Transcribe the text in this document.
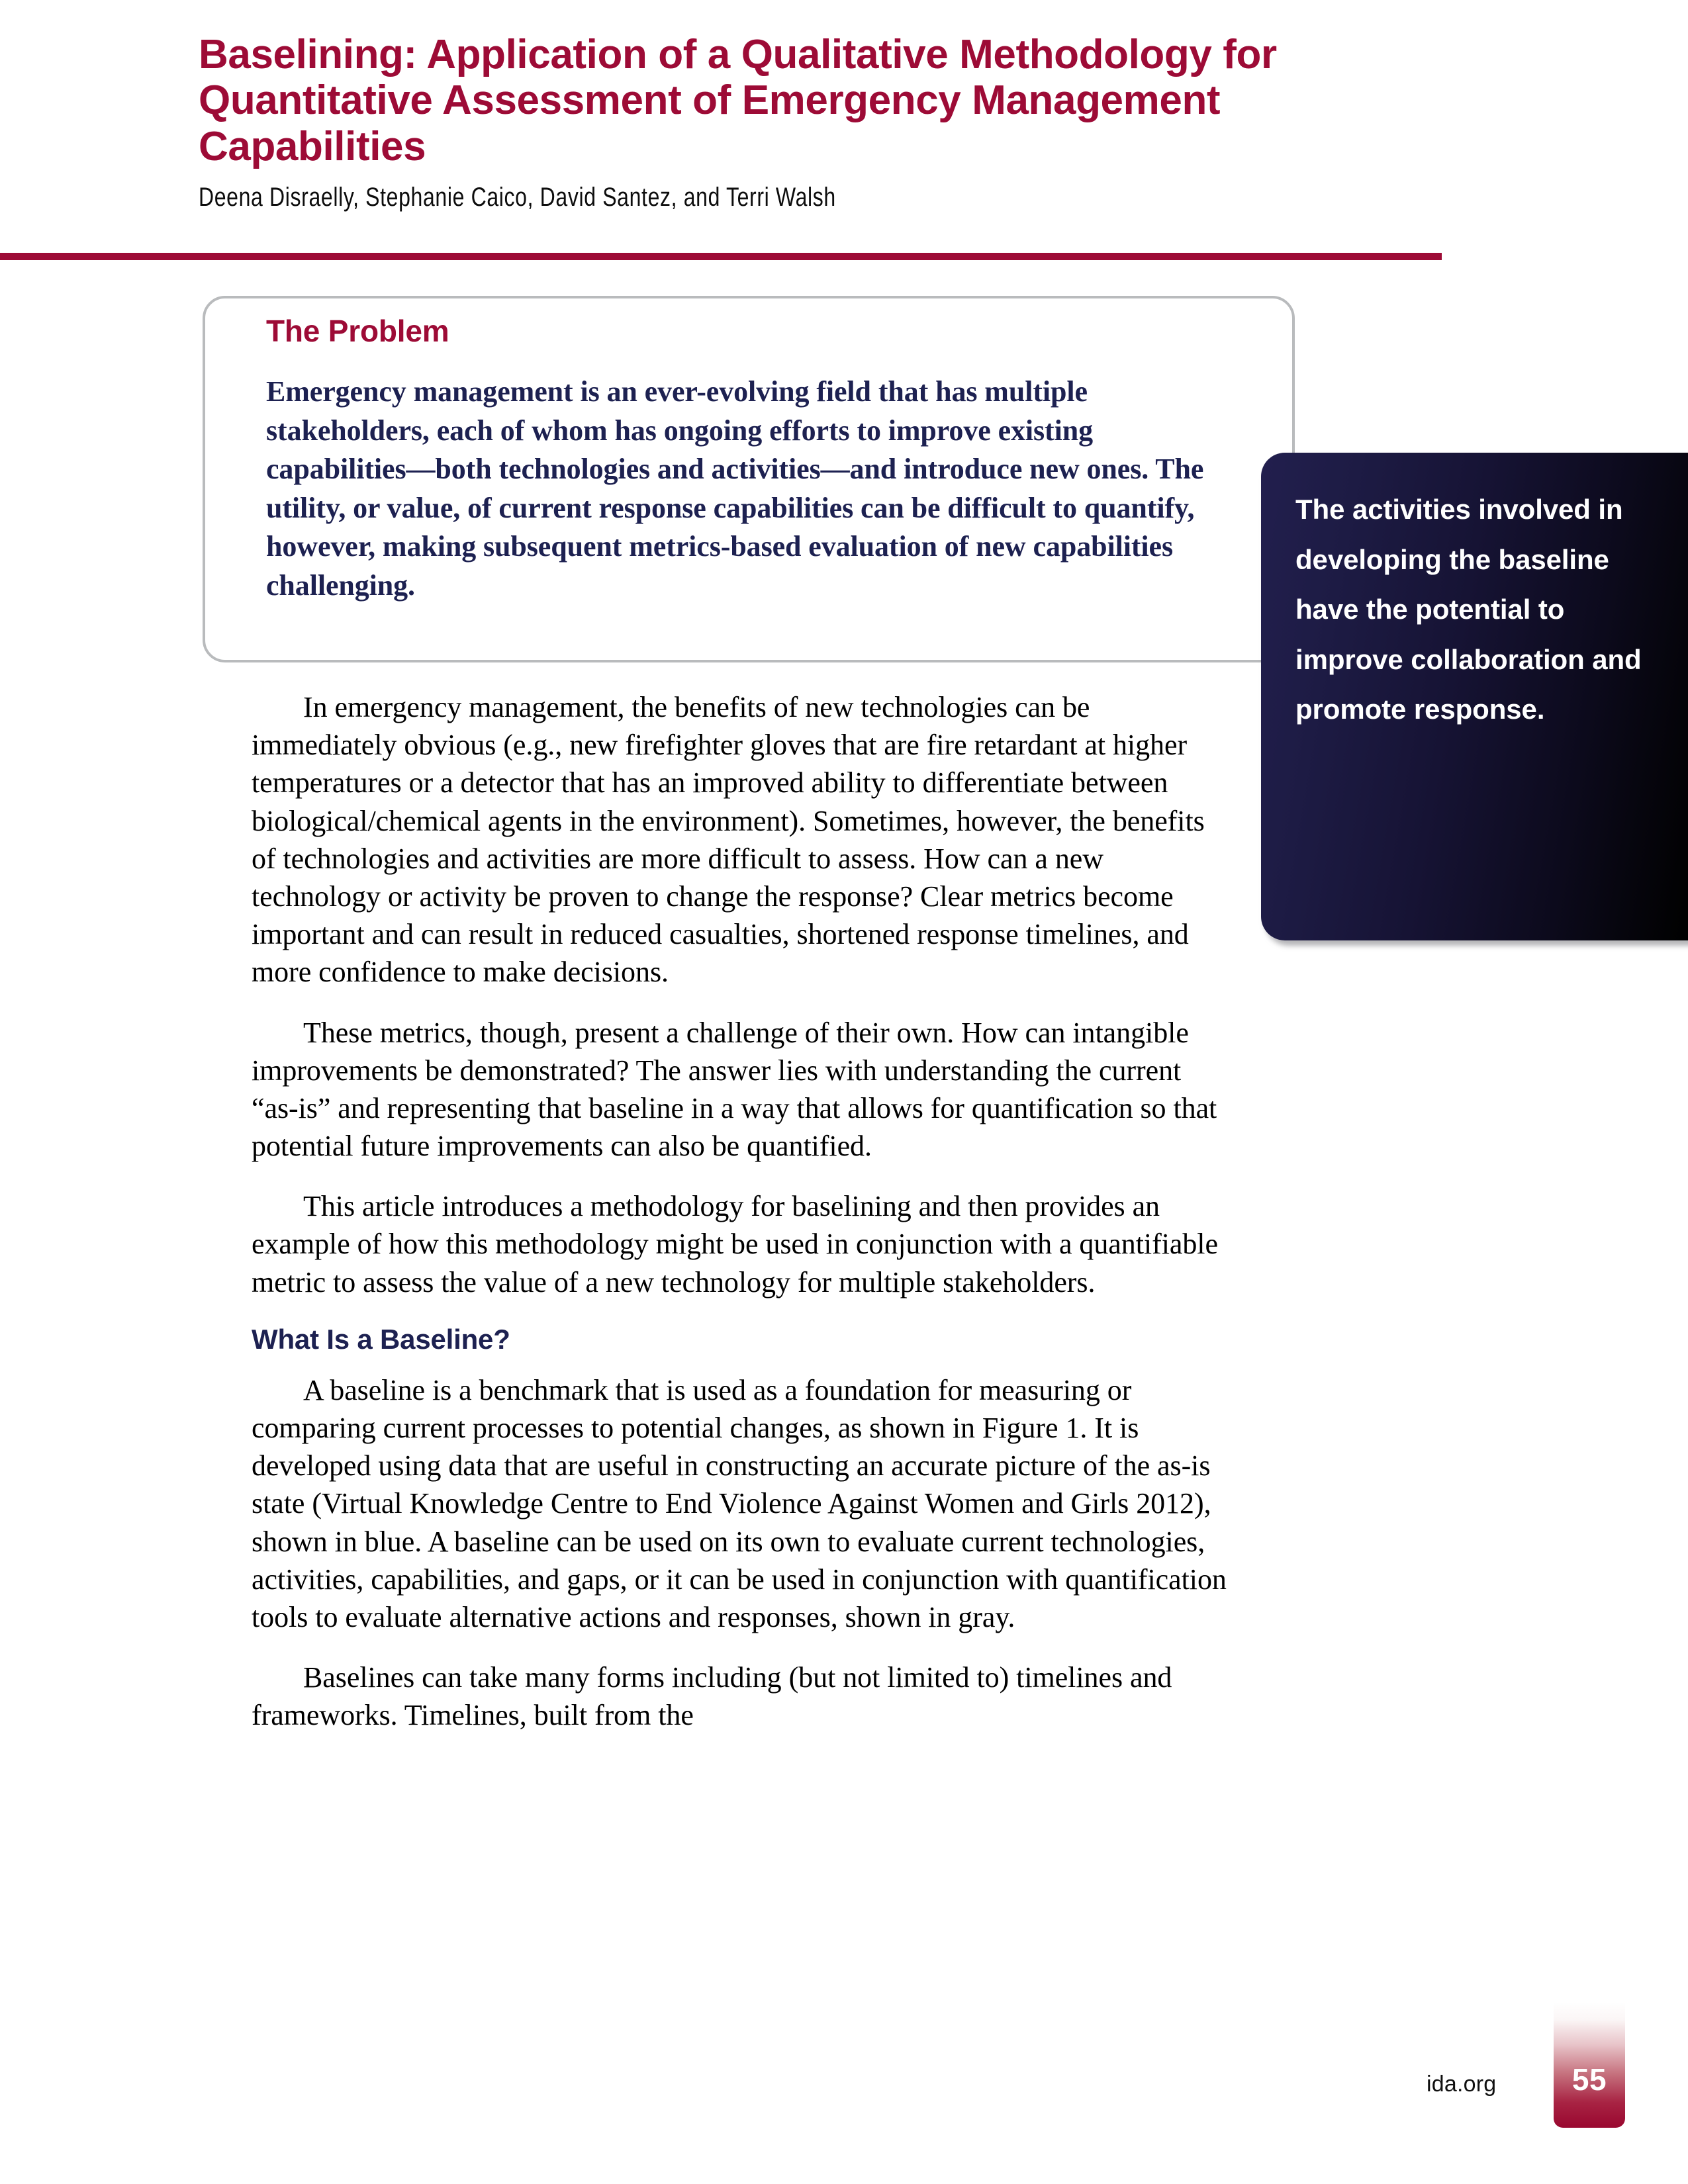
Baselining: Application of a Qualitative Methodology for Quantitative Assessment of Emergency Management Capabilities
Deena Disraelly, Stephanie Caico, David Santez, and Terri Walsh
The Problem

Emergency management is an ever-evolving field that has multiple stakeholders, each of whom has ongoing efforts to improve existing capabilities—both technologies and activities—and introduce new ones. The utility, or value, of current response capabilities can be difficult to quantify, however, making subsequent metrics-based evaluation of new capabilities challenging.

The activities involved in developing the baseline have the potential to improve collaboration and promote response.

In emergency management, the benefits of new technologies can be immediately obvious (e.g., new firefighter gloves that are fire retardant at higher temperatures or a detector that has an improved ability to differentiate between biological/chemical agents in the environment). Sometimes, however, the benefits of technologies and activities are more difficult to assess. How can a new technology or activity be proven to change the response? Clear metrics become important and can result in reduced casualties, shortened response timelines, and more confidence to make decisions.

These metrics, though, present a challenge of their own. How can intangible improvements be demonstrated? The answer lies with understanding the current “as-is” and representing that baseline in a way that allows for quantification so that potential future improvements can also be quantified.

This article introduces a methodology for baselining and then provides an example of how this methodology might be used in conjunction with a quantifiable metric to assess the value of a new technology for multiple stakeholders.

What Is a Baseline?

A baseline is a benchmark that is used as a foundation for measuring or comparing current processes to potential changes, as shown in Figure 1. It is developed using data that are useful in constructing an accurate picture of the as-is state (Virtual Knowledge Centre to End Violence Against Women and Girls 2012), shown in blue. A baseline can be used on its own to evaluate current technologies, activities, capabilities, and gaps, or it can be used in conjunction with quantification tools to evaluate alternative actions and responses, shown in gray.

Baselines can take many forms including (but not limited to) timelines and frameworks. Timelines, built from the

ida.org 55
